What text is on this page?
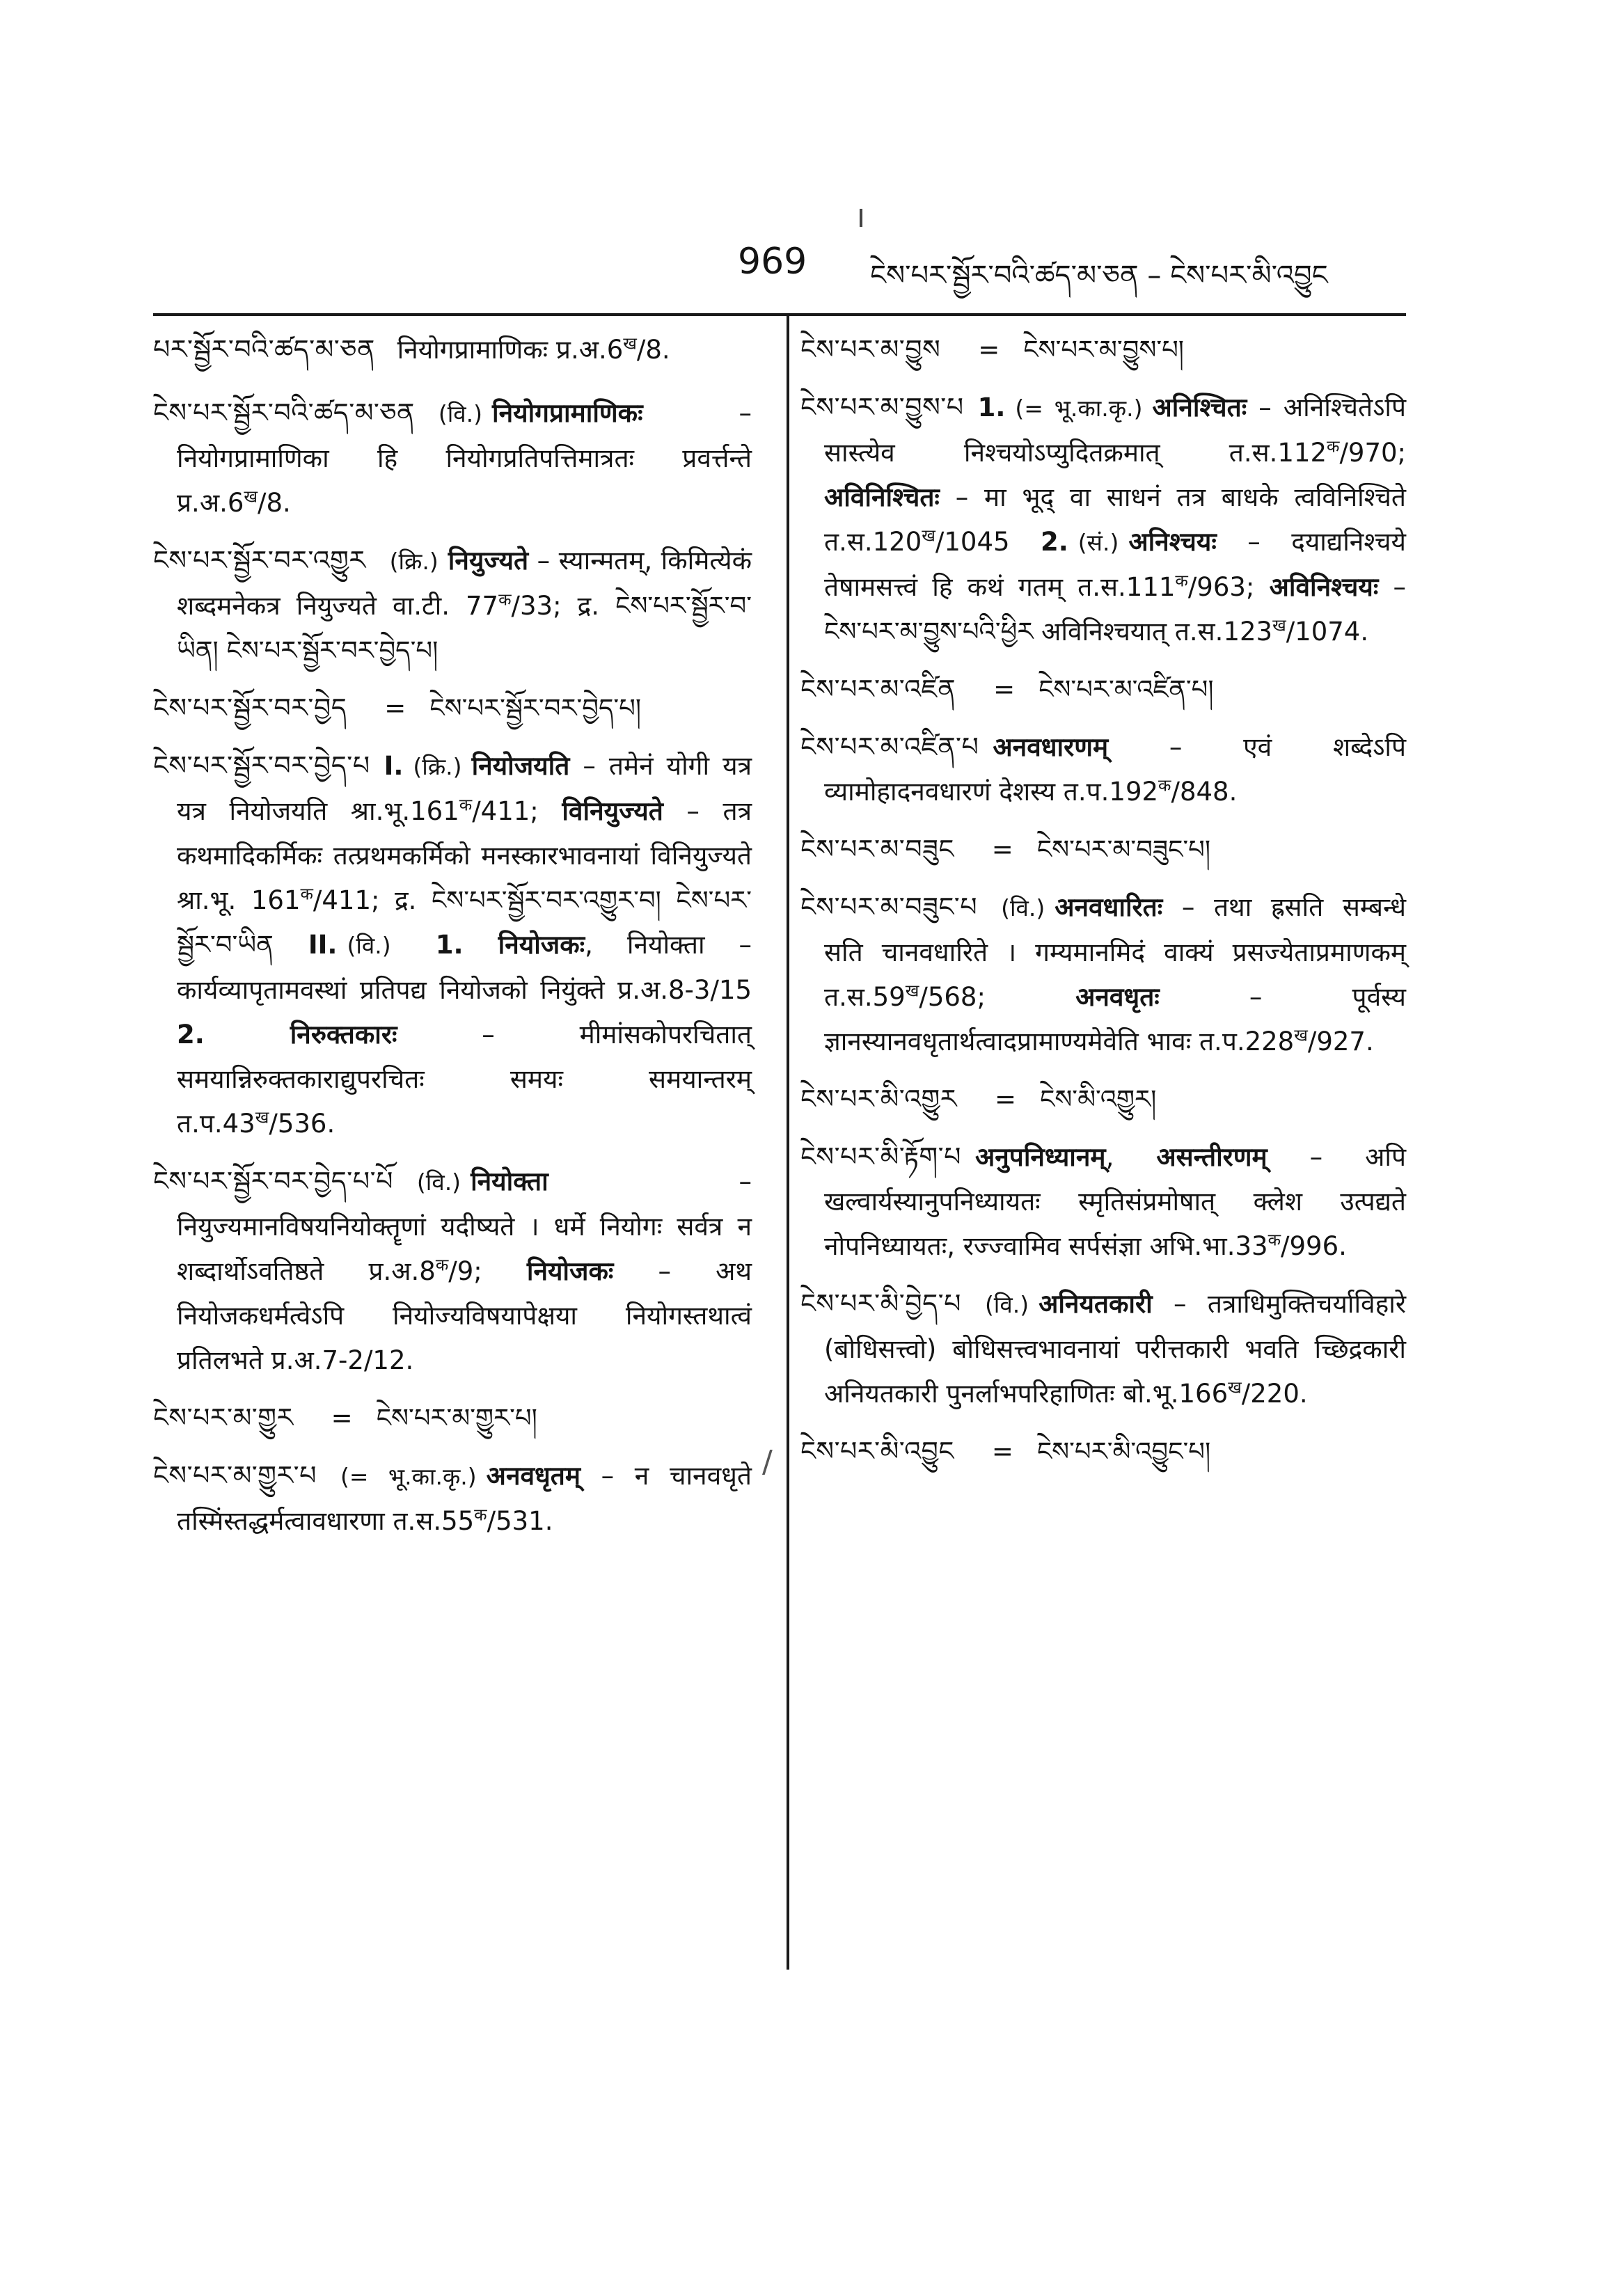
969 ངེས་པར་སྦྱོར་བའི་ཚད་མ་ཅན – ངེས་པར་མི་འབྱུང
/
པར་སྦྱོར་བའི་ཚད་མ་ཅན नियोगप्रामाणिकः $प्र.अ.6^ख/8$.
ངེས་པར་སྦྱོར་བའི་ཚད་མ་ཅན (वि.) नियोगप्रामाणिकः – नियोगप्रामाणिका हि नियोगप्रतिपत्तिमात्रतः प्रवर्त्तन्ते $प्र.अ.6^ख/8$.
ངེས་པར་སྦྱོར་བར་འགྱུར (क्रि.) नियुज्यते – स्यान्मतम्, किमित्येकं शब्दमनेकत्र नियुज्यते वा.टी. $77^क/33$; द्र. ངེས་པར་སྦྱོར་བ་ཡིན། ངེས་པར་སྦྱོར་བར་བྱེད་པ།
ངེས་པར་སྦྱོར་བར་བྱེད = ངེས་པར་སྦྱོར་བར་བྱེད་པ།
ངེས་པར་སྦྱོར་བར་བྱེད་པ I. (क्रि.) नियोजयति – तमेनं योगी यत्र यत्र नियोजयति $श्रा.भू.161^क/411$; विनियुज्यते – तत्र कथमादिकर्मिकः तत्प्रथमकर्मिको मनस्कारभावनायां विनियुज्यते श्रा.भू. $161^क/411$; द्र. ངེས་པར་སྦྱོར་བར་འགྱུར་བ། ངེས་པར་སྦྱོར་བ་ཡིན II. (वि.) 1. नियोजकः, नियोक्ता – कार्यव्यापृतामवस्थां प्रतिपद्य नियोजको नियुंक्ते प्र.अ.8-3/15 2. निरुक्तकारः – मीमांसकोपरचितात् समयान्निरुक्तकाराद्युपरचितः समयः समयान्तरम् $त.प.43^ख/536$.
ངེས་པར་སྦྱོར་བར་བྱེད་པ་པོ (वि.) नियोक्ता – नियुज्यमानविषयनियोक्तॄणां यदीष्यते । धर्मे नियोगः सर्वत्र न शब्दार्थोऽवतिष्ठते $प्र.अ.8^क/9$; नियोजकः – अथ नियोजकधर्मत्वेऽपि नियोज्यविषयापेक्षया नियोगस्तथात्वं प्रतिलभते प्र.अ.7-2/12.
ངེས་པར་མ་གྱུར = ངེས་པར་མ་གྱུར་པ།
ངེས་པར་མ་གྱུར་པ (= भू.का.कृ.) अनवधृतम् – न चानवधृते तस्मिंस्तद्धर्मत्वावधारणा $त.स.55^क/531$.
ངེས་པར་མ་བྱུས = ངེས་པར་མ་བྱུས་པ།
ངེས་པར་མ་བྱུས་པ 1. (= भू.का.कृ.) अनिश्चितः – अनिश्चितेऽपि सास्त्येव निश्चयोऽप्युदितक्रमात् $त.स.112^क/970$; अविनिश्चितः – मा भूद् वा साधनं तत्र बाधके त्वविनिश्चिते $त.स.120^ख/1045$ 2. (सं.) अनिश्चयः – दयाद्यनिश्चये तेषामसत्त्वं हि कथं गतम् $त.स.111^क/963$; अविनिश्चयः – ངེས་པར་མ་བྱུས་པའི་ཕྱིར अविनिश्चयात् $त.स.123^ख/1074$.
ངེས་པར་མ་འཛིན = ངེས་པར་མ་འཛིན་པ།
ངེས་པར་མ་འཛིན་པ अनवधारणम् – एवं शब्देऽपि व्यामोहादनवधारणं देशस्य $त.प.192^क/848$.
ངེས་པར་མ་བཟུང = ངེས་པར་མ་བཟུང་པ།
ངེས་པར་མ་བཟུང་པ (वि.) अनवधारितः – तथा ह्रसति सम्बन्धे सति चानवधारिते । गम्यमानमिदं वाक्यं प्रसज्येताप्रमाणकम् $त.स.59^ख/568$; अनवधृतः – पूर्वस्य ज्ञानस्यानवधृतार्थत्वादप्रामाण्यमेवेति भावः $त.प.228^ख/927$.
ངེས་པར་མི་འགྱུར = ངེས་མི་འགྱུར།
ངེས་པར་མི་རྟོག་པ अनुपनिध्यानम्, असन्तीरणम् – अपि खल्वार्यस्यानुपनिध्यायतः स्मृतिसंप्रमोषात् क्लेश उत्पद्यते नोपनिध्यायतः, रज्ज्वामिव सर्पसंज्ञा $अभि.भा.33^क/996$.
ངེས་པར་མི་བྱེད་པ (वि.) अनियतकारी – तत्राधिमुक्तिचर्याविहारे (बोधिसत्त्वो) बोधिसत्त्वभावनायां परीत्तकारी भवति च्छिद्रकारी अनियतकारी पुनर्लाभपरिहाणितः $बो.भू.166^ख/220$.
ངེས་པར་མི་འབྱུང = ངེས་པར་མི་འབྱུང་པ།
